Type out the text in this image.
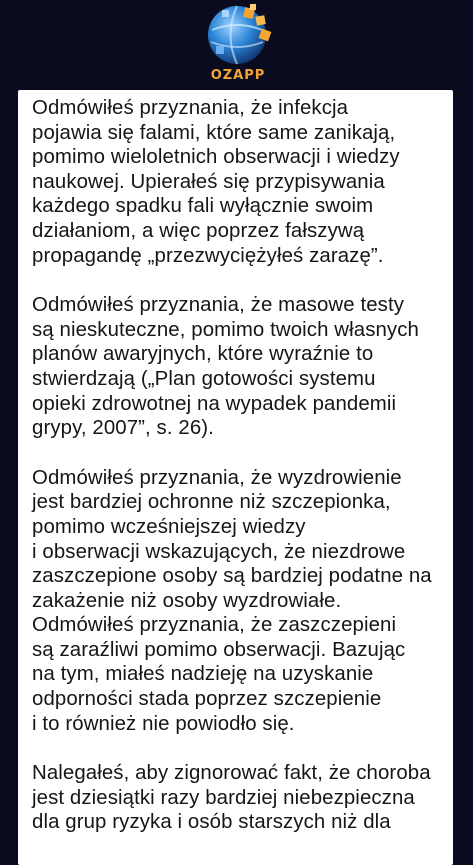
OZAPP
Odmówiłeś przyznania, że infekcja
pojawia się falami, które same zanikają,
pomimo wieloletnich obserwacji i wiedzy
naukowej. Upierałeś się przypisywania
każdego spadku fali wyłącznie swoim
działaniom, a więc poprzez fałszywą
propagandę „przezwyciężyłeś zarazę”.
Odmówiłeś przyznania, że masowe testy
są nieskuteczne, pomimo twoich własnych
planów awaryjnych, które wyraźnie to
stwierdzają („Plan gotowości systemu
opieki zdrowotnej na wypadek pandemii
grypy, 2007”, s. 26).
Odmówiłeś przyznania, że wyzdrowienie
jest bardziej ochronne niż szczepionka,
pomimo wcześniejszej wiedzy
i obserwacji wskazujących, że niezdrowe
zaszczepione osoby są bardziej podatne na
zakażenie niż osoby wyzdrowiałe.
Odmówiłeś przyznania, że zaszczepieni
są zaraźliwi pomimo obserwacji. Bazując
na tym, miałeś nadzieję na uzyskanie
odporności stada poprzez szczepienie
i to również nie powiodło się.
Nalegałeś, aby zignorować fakt, że choroba
jest dziesiątki razy bardziej niebezpieczna
dla grup ryzyka i osób starszych niż dla
